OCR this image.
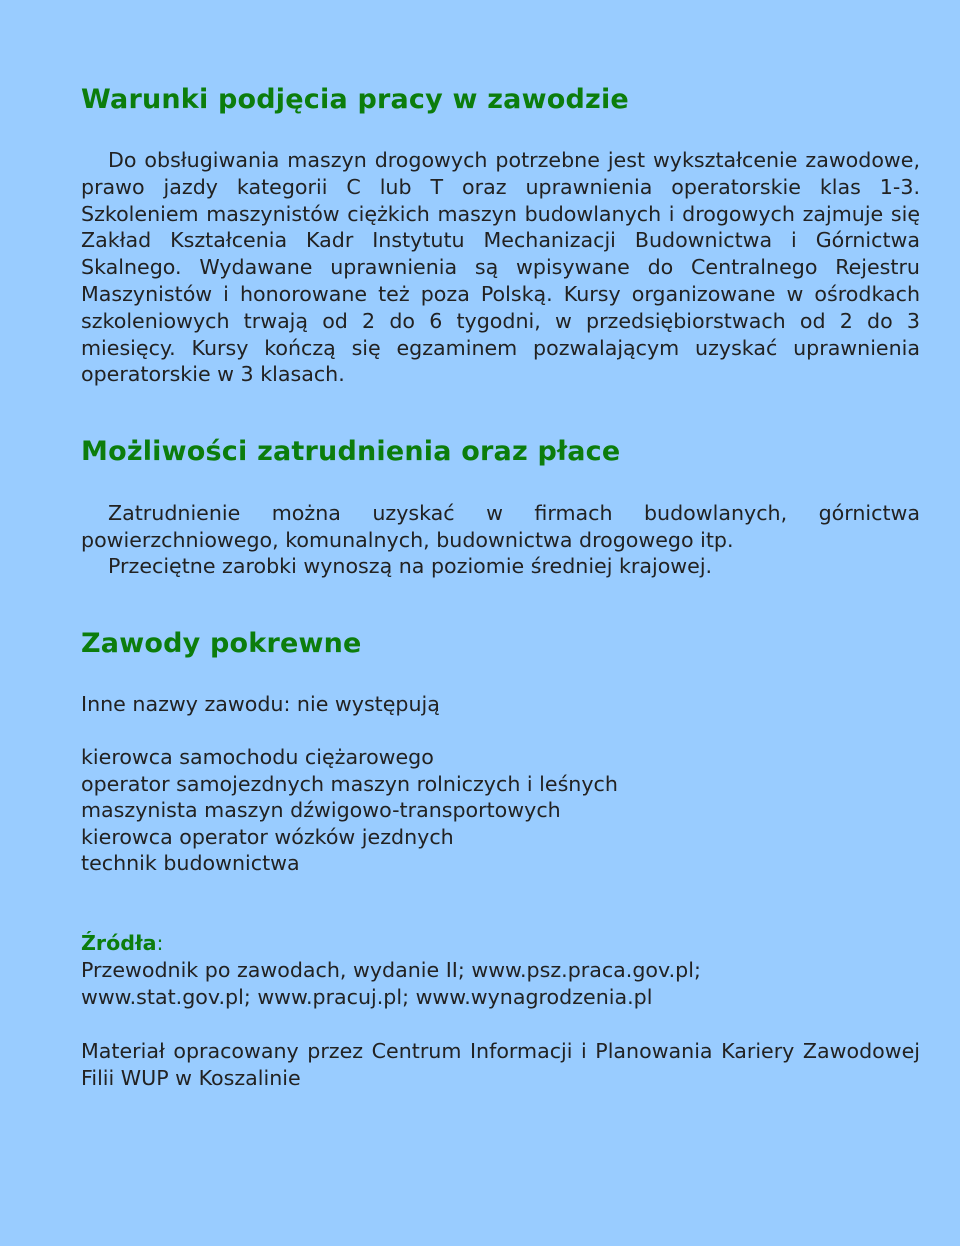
Warunki podjęcia pracy w zawodzie

Do obsługiwania maszyn drogowych potrzebne jest wykształcenie zawodowe, prawo jazdy kategorii C lub T oraz uprawnienia operatorskie klas 1-3. Szkoleniem maszynistów ciężkich maszyn budowlanych i drogowych zajmuje się Zakład Kształcenia Kadr Instytutu Mechanizacji Budownictwa i Górnictwa Skalnego. Wydawane uprawnienia są wpisywane do Centralnego Rejestru Maszynistów i honorowane też poza Polską. Kursy organizowane w ośrodkach szkoleniowych trwają od 2 do 6 tygodni, w przedsiębiorstwach od 2 do 3 miesięcy. Kursy kończą się egzaminem pozwalającym uzyskać uprawnienia operatorskie w 3 klasach.

Możliwości zatrudnienia oraz płace

Zatrudnienie można uzyskać w firmach budowlanych, górnictwa powierzchniowego, komunalnych, budownictwa drogowego itp.

Przeciętne zarobki wynoszą na poziomie średniej krajowej.

Zawody pokrewne

Inne nazwy zawodu: nie występują

kierowca samochodu ciężarowego

operator samojezdnych maszyn rolniczych i leśnych

maszynista maszyn dźwigowo-transportowych

kierowca operator wózków jezdnych

technik budownictwa

Źródła:

Przewodnik po zawodach, wydanie II; www.psz.praca.gov.pl;

www.stat.gov.pl; www.pracuj.pl; www.wynagrodzenia.pl

Materiał opracowany przez Centrum Informacji i Planowania Kariery Zawodowej Filii WUP w Koszalinie
